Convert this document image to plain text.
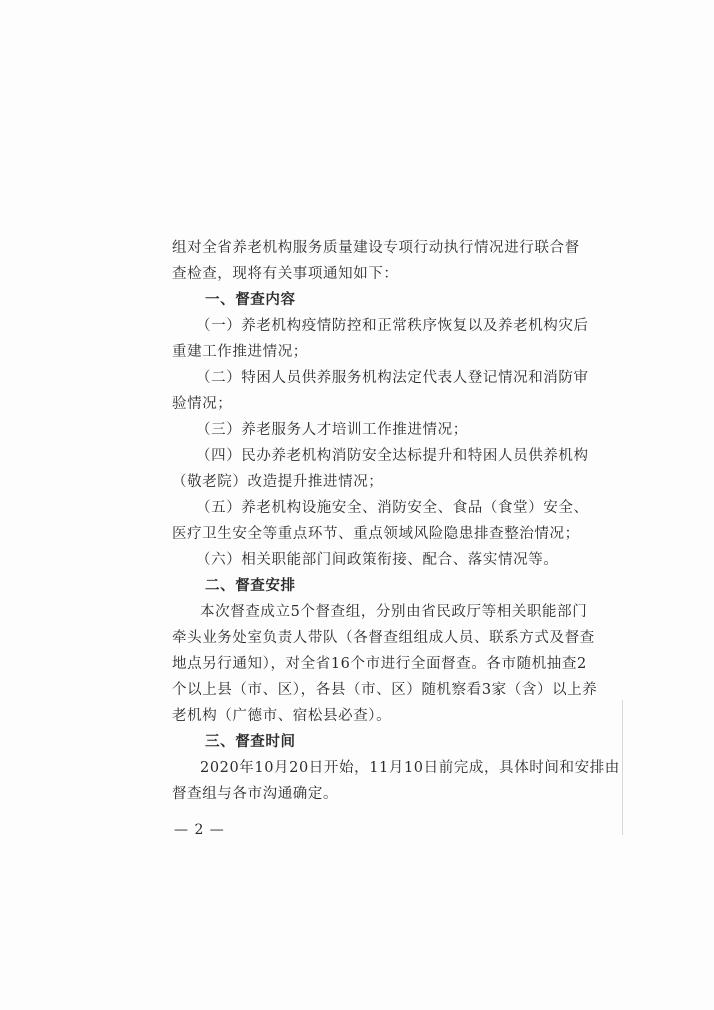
组对全省养老机构服务质量建设专项行动执行情况进行联合督
查检查，现将有关事项通知如下：
一、督查内容
（一）养老机构疫情防控和正常秩序恢复以及养老机构灾后
重建工作推进情况；
（二）特困人员供养服务机构法定代表人登记情况和消防审
验情况；
（三）养老服务人才培训工作推进情况；
（四）民办养老机构消防安全达标提升和特困人员供养机构
（敬老院）改造提升推进情况；
（五）养老机构设施安全、消防安全、食品（食堂）安全、
医疗卫生安全等重点环节、重点领域风险隐患排查整治情况；
（六）相关职能部门间政策衔接、配合、落实情况等。
二、督查安排
本次督查成立5个督查组，分别由省民政厅等相关职能部门
牵头业务处室负责人带队（各督查组组成人员、联系方式及督查
地点另行通知），对全省16个市进行全面督查。各市随机抽查2
个以上县（市、区），各县（市、区）随机察看3家（含）以上养
老机构（广德市、宿松县必查）。
三、督查时间
2020年10月20日开始，11月10日前完成，具体时间和安排由
督查组与各市沟通确定。
— 2 —
